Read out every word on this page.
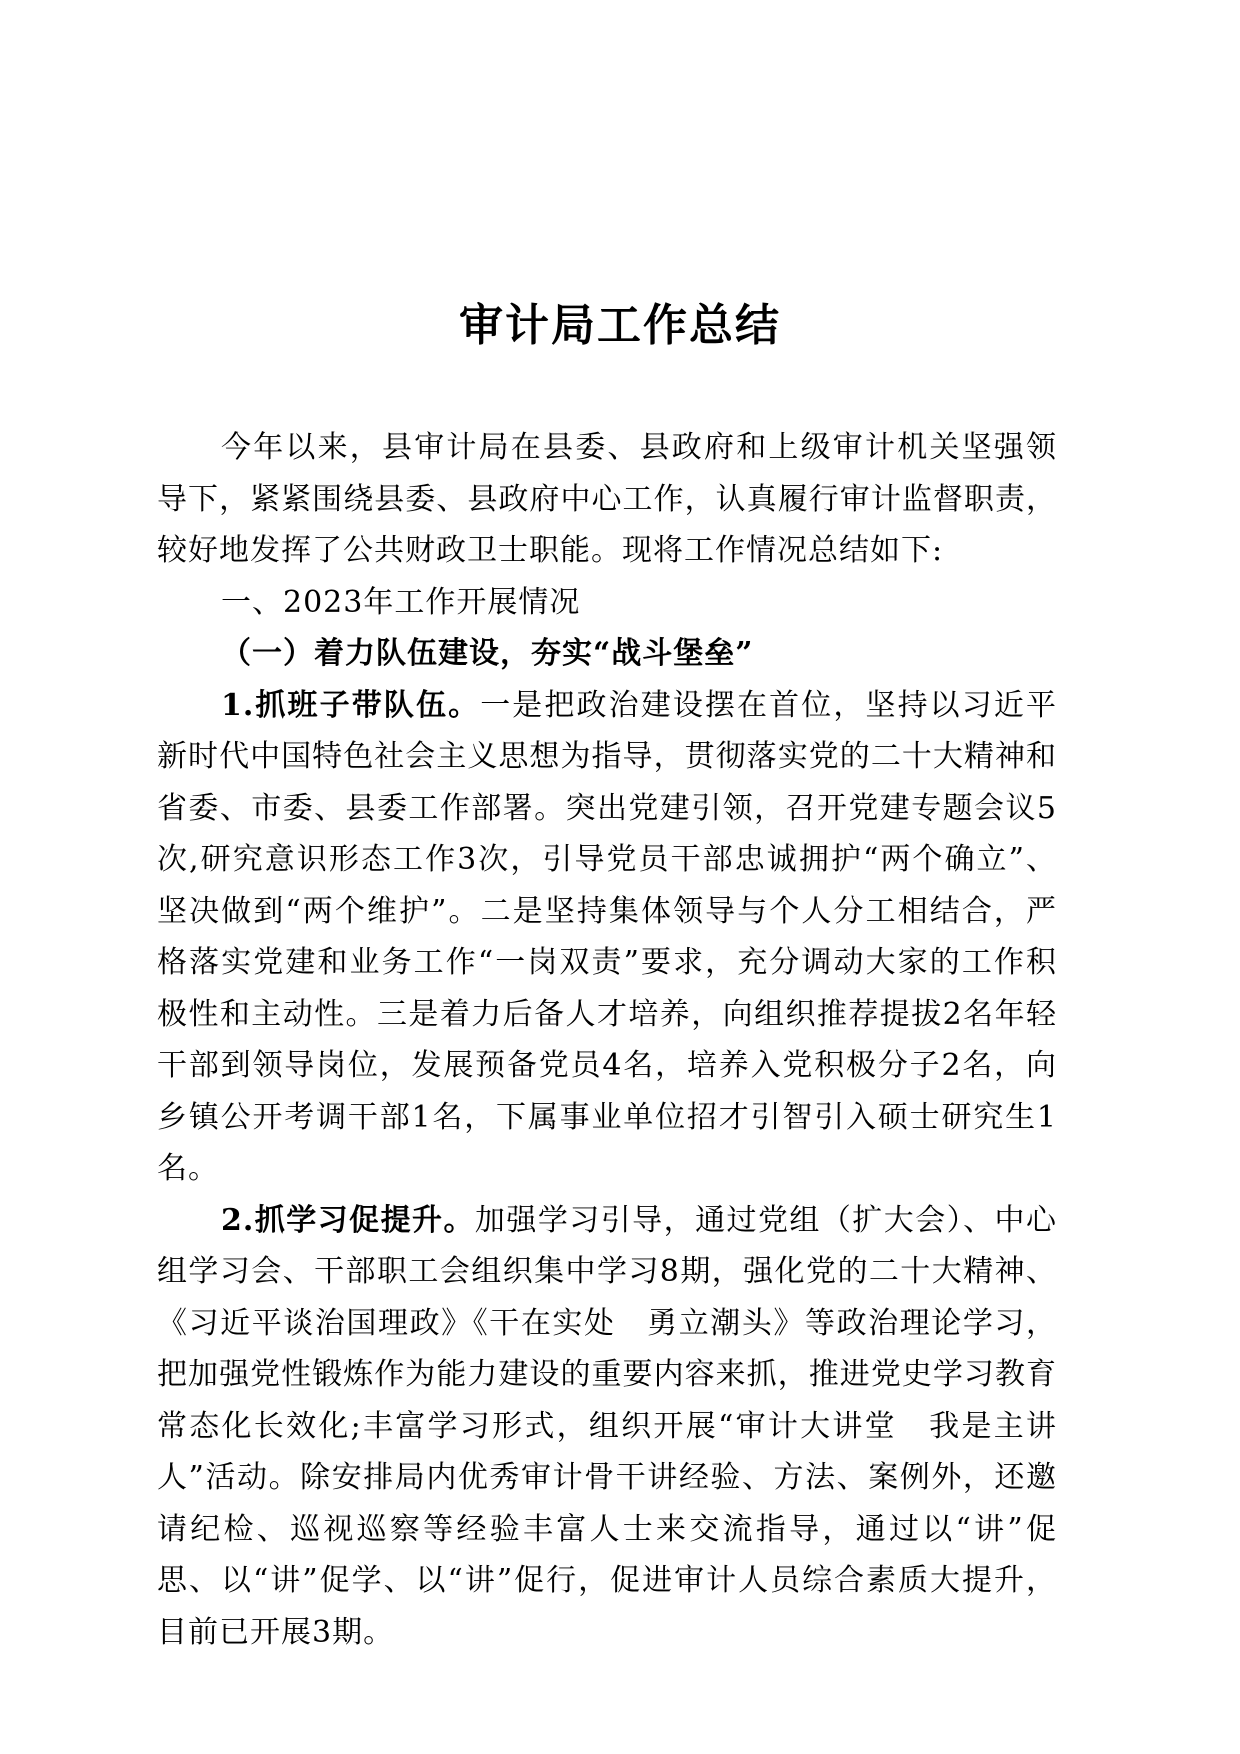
审计局工作总结

今年以来，县审计局在县委、县政府和上级审计机关坚强领导下，紧紧围绕县委、县政府中心工作，认真履行审计监督职责，较好地发挥了公共财政卫士职能。现将工作情况总结如下:

一、2023年工作开展情况

（一）着力队伍建设，夯实“战斗堡垒”

1.抓班子带队伍。一是把政治建设摆在首位，坚持以习近平新时代中国特色社会主义思想为指导，贯彻落实党的二十大精神和省委、市委、县委工作部署。突出党建引领，召开党建专题会议5次,研究意识形态工作3次，引导党员干部忠诚拥护“两个确立”、坚决做到“两个维护”。二是坚持集体领导与个人分工相结合，严格落实党建和业务工作“一岗双责”要求，充分调动大家的工作积极性和主动性。三是着力后备人才培养，向组织推荐提拔2名年轻干部到领导岗位，发展预备党员4名，培养入党积极分子2名，向乡镇公开考调干部1名，下属事业单位招才引智引入硕士研究生1名。

2.抓学习促提升。加强学习引导，通过党组（扩大会）、中心组学习会、干部职工会组织集中学习8期，强化党的二十大精神、《习近平谈治国理政》《干在实处　勇立潮头》等政治理论学习，把加强党性锻炼作为能力建设的重要内容来抓，推进党史学习教育常态化长效化;丰富学习形式，组织开展“审计大讲堂　我是主讲人”活动。除安排局内优秀审计骨干讲经验、方法、案例外，还邀请纪检、巡视巡察等经验丰富人士来交流指导，通过以“讲”促思、以“讲”促学、以“讲”促行，促进审计人员综合素质大提升，目前已开展3期。
